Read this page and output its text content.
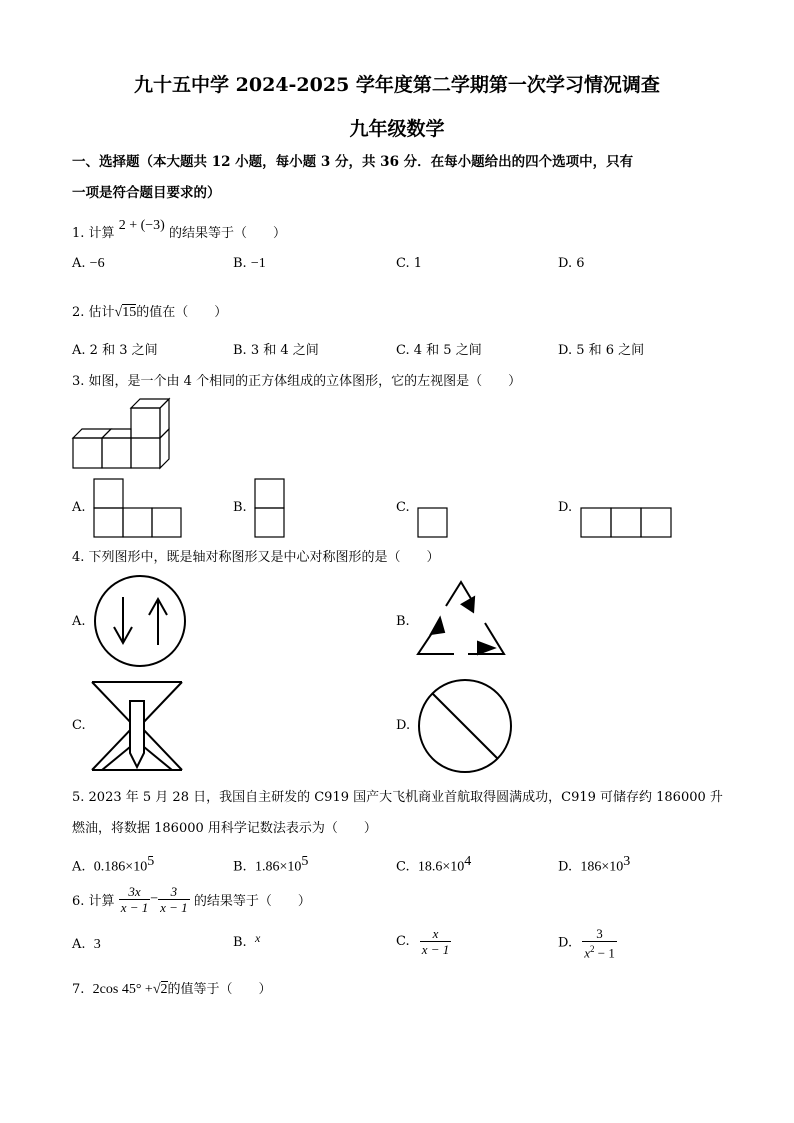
九十五中学 2024-2025 学年度第二学期第一次学习情况调查
九年级数学
一、选择题（本大题共 12 小题，每小题 3 分，共 36 分．在每小题给出的四个选项中，只有
一项是符合题目要求的）
1. 计算 2 + (−3) 的结果等于（　　）
A. −6	B. −1	C. 1	D. 6
2. 估计√15的值在（　　）
A. 2 和 3 之间	B. 3 和 4 之间	C. 4 和 5 之间	D. 5 和 6 之间
3. 如图，是一个由 4 个相同的正方体组成的立体图形，它的左视图是（　　）
A.	B.	C.	D.
4. 下列图形中，既是轴对称图形又是中心对称图形的是（　　）
A.	B.
C.	D.
5. 2023 年 5 月 28 日，我国自主研发的 C919 国产大飞机商业首航取得圆满成功，C919 可储存约 186000 升
燃油，将数据 186000 用科学记数法表示为（　　）
A. $0.186\times 10^5$	B. $1.86\times 10^5$	C. $18.6\times 10^4$	D. $186\times 10^3$
6. 计算 $\frac{3x}{x - 1} - \frac{3}{x - 1}$ 的结果等于（　　）
A. 3	B. x	C. $\frac{x}{x - 1}$	D. $\frac{3}{x^2 - 1}$
7. 2cos 45° +√2的值等于（　　）
